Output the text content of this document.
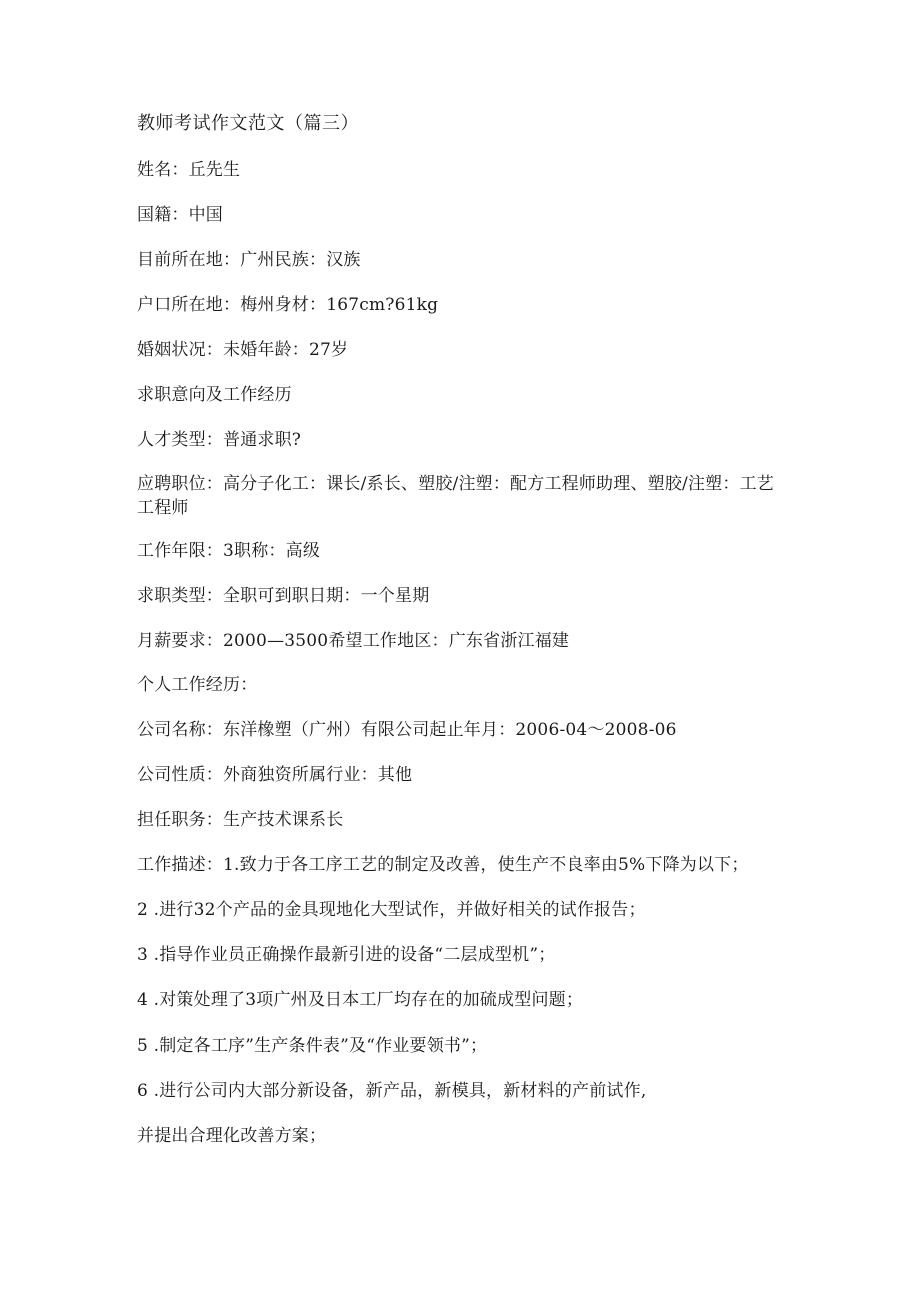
教师考试作文范文（篇三）
姓名：丘先生
国籍：中国
目前所在地：广州民族：汉族
户口所在地：梅州身材：167cm?61kg
婚姻状况：未婚年龄：27岁
求职意向及工作经历
人才类型：普通求职?
应聘职位：高分子化工：课长/系长、塑胶/注塑：配方工程师助理、塑胶/注塑：工艺工程师
工作年限：3职称：高级
求职类型：全职可到职日期：一个星期
月薪要求：2000—3500希望工作地区：广东省浙江福建
个人工作经历：
公司名称：东洋橡塑（广州）有限公司起止年月：2006-04～2008-06
公司性质：外商独资所属行业：其他
担任职务：生产技术课系长
工作描述：1.致力于各工序工艺的制定及改善，使生产不良率由5%下降为以下；
2 .进行32个产品的金具现地化大型试作，并做好相关的试作报告；
3 .指导作业员正确操作最新引进的设备“二层成型机”；
4 .对策处理了3项广州及日本工厂均存在的加硫成型问题；
5 .制定各工序”生产条件表”及“作业要领书”；
6 .进行公司内大部分新设备，新产品，新模具，新材料的产前试作,
并提出合理化改善方案；
